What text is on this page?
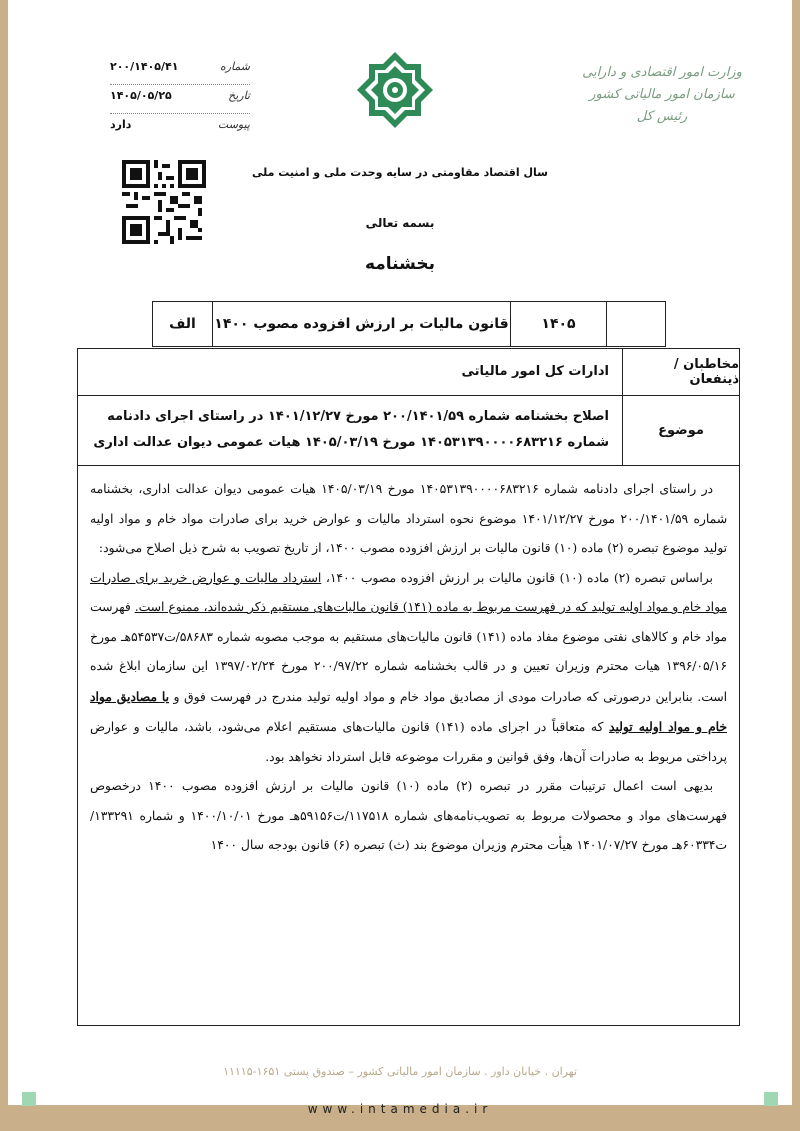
شماره
۲۰۰/۱۴۰۵/۴۱
تاریخ
۱۴۰۵/۰۵/۲۵
پیوست
دارد
وزارت امور اقتصادی و دارایی
سازمان امور مالیاتی کشور
رئیس کل
سال اقتصاد مقاومتی در سایه وحدت ملی و امنیت ملی
بسمه تعالی
بخشنامه
	۱۴۰۵	قانون مالیات بر ارزش افزوده مصوب ۱۴۰۰	الف
مخاطبان / ذینفعان
ادارات کل امور مالیاتی
موضوع
اصلاح بخشنامه شماره ۲۰۰/۱۴۰۱/۵۹ مورخ ۱۴۰۱/۱۲/۲۷ در راستای اجرای دادنامه شماره ۱۴۰۵۳۱۳۹۰۰۰۰۶۸۳۲۱۶ مورخ ۱۴۰۵/۰۳/۱۹ هیات عمومی دیوان عدالت اداری

در راستای اجرای دادنامه شماره ۱۴۰۵۳۱۳۹۰۰۰۰۶۸۳۲۱۶ مورخ ۱۴۰۵/۰۳/۱۹ هیات عمومی دیوان عدالت اداری، بخشنامه شماره ۲۰۰/۱۴۰۱/۵۹ مورخ ۱۴۰۱/۱۲/۲۷ موضوع نحوه استرداد مالیات و عوارض خرید برای صادرات مواد خام و مواد اولیه تولید موضوع تبصره (۲) ماده (۱۰) قانون مالیات بر ارزش افزوده مصوب ۱۴۰۰، از تاریخ تصویب به شرح ذیل اصلاح می‌شود:

براساس تبصره (۲) ماده (۱۰) قانون مالیات بر ارزش افزوده مصوب ۱۴۰۰، استرداد مالیات و عوارض خرید برای صادرات مواد خام و مواد اولیه تولید که در فهرست مربوط به ماده (۱۴۱) قانون مالیات‌های مستقیم ذکر شده‌اند، ممنوع است. فهرست مواد خام و کالاهای نفتی موضوع مفاد ماده (۱۴۱) قانون مالیات‌های مستقیم به موجب مصوبه شماره ۵۸۶۸۳/ت۵۴۵۳۷هـ مورخ ۱۳۹۶/۰۵/۱۶ هیات محترم وزیران تعیین و در قالب بخشنامه شماره ۲۰۰/۹۷/۲۲ مورخ ۱۳۹۷/۰۲/۲۴ این سازمان ابلاغ شده است. بنابراین درصورتی که صادرات مودی از مصادیق مواد خام و مواد اولیه تولید مندرج در فهرست فوق و یا مصادیق مواد خام و مواد اولیه تولید که متعاقباً در اجرای ماده (۱۴۱) قانون مالیات‌های مستقیم اعلام می‌شود، باشد، مالیات و عوارض پرداختی مربوط به صادرات آن‌ها، وفق قوانین و مقررات موضوعه قابل استرداد نخواهد بود.

بدیهی است اعمال ترتیبات مقرر در تبصره (۲) ماده (۱۰) قانون مالیات بر ارزش افزوده مصوب ۱۴۰۰ درخصوص فهرست‌های مواد و محصولات مربوط به تصویب‌نامه‌های شماره ۱۱۷۵۱۸/ت۵۹۱۵۶هـ مورخ ۱۴۰۰/۱۰/۰۱ و شماره ۱۳۳۲۹۱/ت۶۰۳۳۴هـ مورخ ۱۴۰۱/۰۷/۲۷ هیأت محترم وزیران موضوع بند (ث) تبصره (۶) قانون بودجه سال ۱۴۰۰

تهران . خیابان داور . سازمان امور مالیاتی کشور – صندوق پستی ۱۶۵۱-۱۱۱۱۵
www.intamedia.ir
